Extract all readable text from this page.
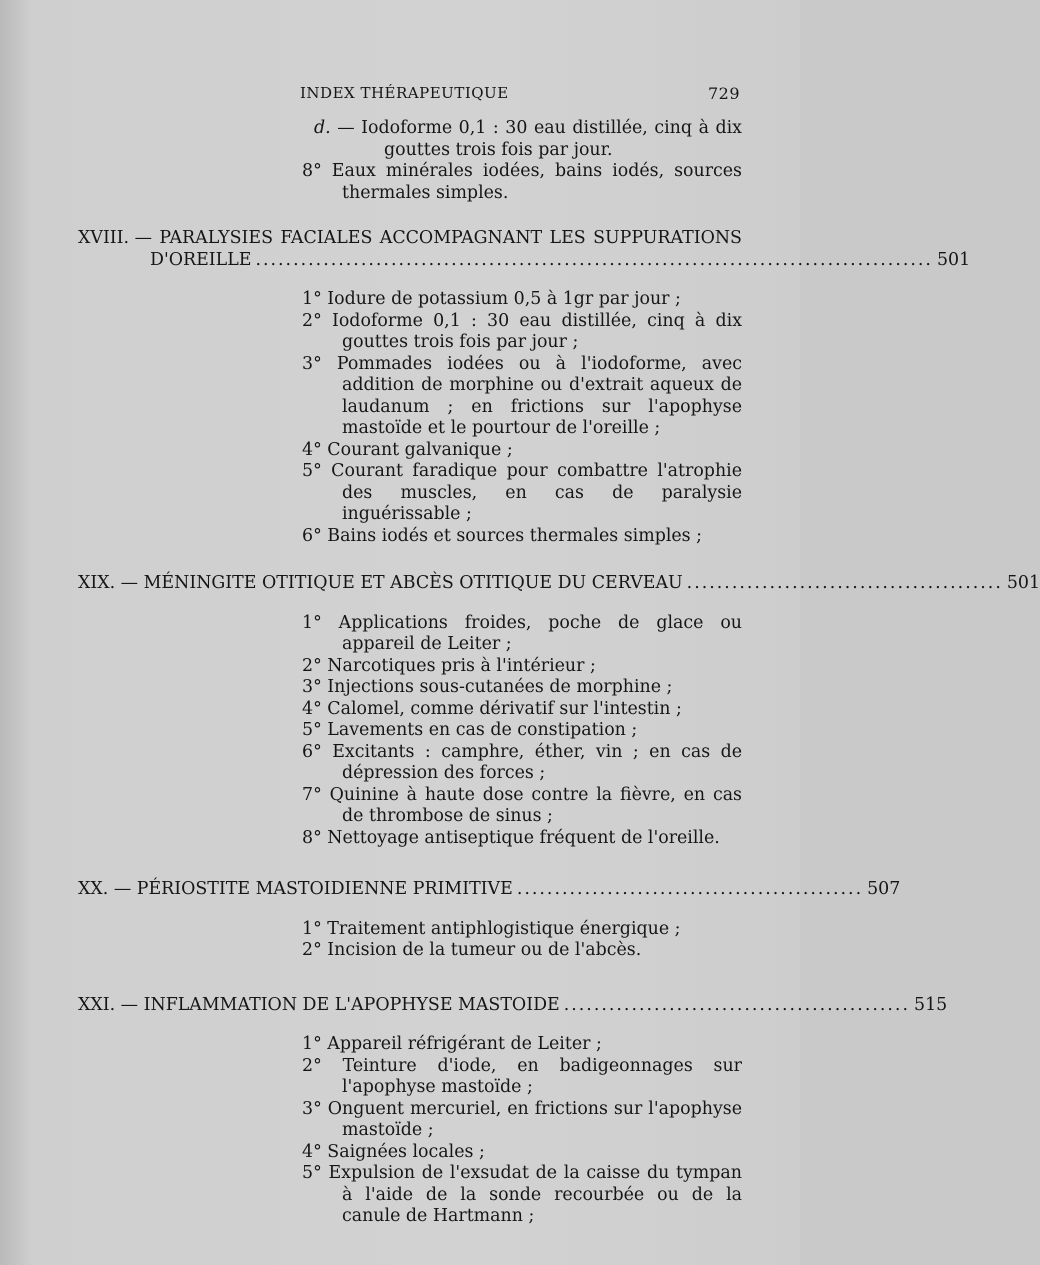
INDEX THÉRAPEUTIQUE	729
d. — Iodoforme 0,1 : 30 eau distillée, cinq à dix gouttes trois fois par jour.
8° Eaux minérales iodées, bains iodés, sources thermales simples.
XVIII. — PARALYSIES FACIALES ACCOMPAGNANT LES SUPPURATIONS
D'OREILLE .......................................................................................... 501
1° Iodure de potassium 0,5 à 1gr par jour ;
2° Iodoforme 0,1 : 30 eau distillée, cinq à dix gouttes trois fois par jour ;
3° Pommades iodées ou à l'iodoforme, avec addition de morphine ou d'extrait aqueux de laudanum ; en frictions sur l'apophyse mastoïde et le pourtour de l'oreille ;
4° Courant galvanique ;
5° Courant faradique pour combattre l'atrophie des muscles, en cas de paralysie inguérissable ;
6° Bains iodés et sources thermales simples ;
XIX. —
MÉNINGITE OTITIQUE ET ABCÈS OTITIQUE DU CERVEAU .......................................... 501
1° Applications froides, poche de glace ou appareil de Leiter ;
2° Narcotiques pris à l'intérieur ;
3° Injections sous-cutanées de morphine ;
4° Calomel, comme dérivatif sur l'intestin ;
5° Lavements en cas de constipation ;
6° Excitants : camphre, éther, vin ; en cas de dépression des forces ;
7° Quinine à haute dose contre la fièvre, en cas de thrombose de sinus ;
8° Nettoyage antiseptique fréquent de l'oreille.
XX. —
PÉRIOSTITE MASTOIDIENNE PRIMITIVE .............................................. 507
1° Traitement antiphlogistique énergique ;
2° Incision de la tumeur ou de l'abcès.
XXI. —
INFLAMMATION DE L'APOPHYSE MASTOIDE .............................................. 515
1° Appareil réfrigérant de Leiter ;
2° Teinture d'iode, en badigeonnages sur l'apophyse mastoïde ;
3° Onguent mercuriel, en frictions sur l'apophyse mastoïde ;
4° Saignées locales ;
5° Expulsion de l'exsudat de la caisse du tympan à l'aide de la sonde recourbée ou de la canule de Hartmann ;
